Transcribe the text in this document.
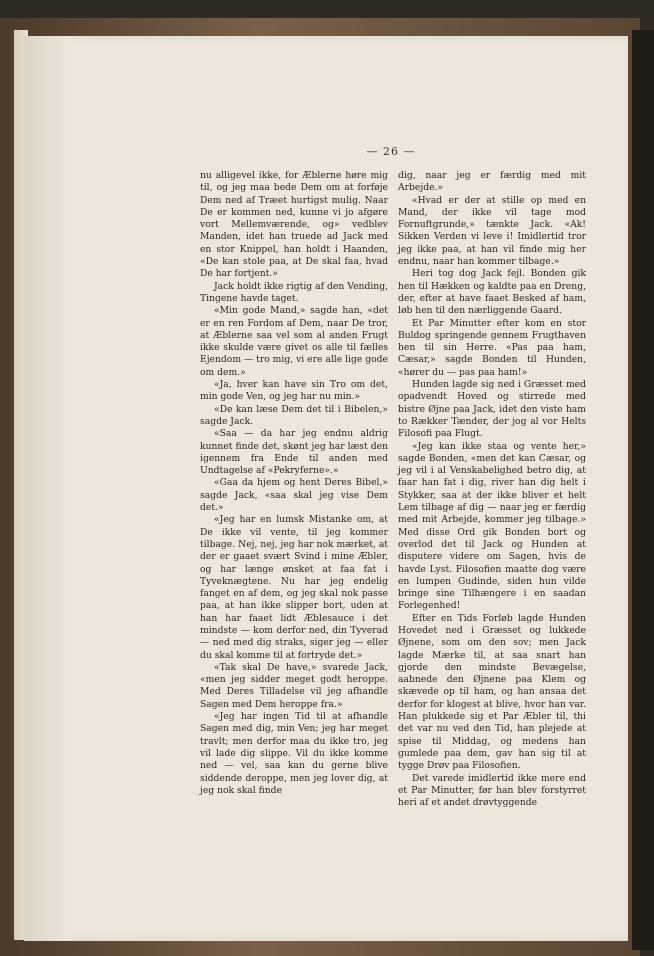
— 26 —

nu alligevel ikke, for Æblerne høre mig til, og jeg maa bede Dem om at forføje Dem ned af Træet hurtigst mulig. Naar De er kommen ned, kunne vi jo afgøre vort Mellemværende, og» vedblev Manden, idet han truede ad Jack med en stor Knippel, han holdt i Haanden, «De kan stole paa, at De skal faa, hvad De har fortjent.»

Jack holdt ikke rigtig af den Vending, Tingene havde taget.

«Min gode Mand,» sagde han, «det er en ren Fordom af Dem, naar De tror, at Æblerne saa vel som al anden Frugt ikke skulde være givet os alle til fælles Ejendom — tro mig, vi ere alle lige gode om dem.»

«Ja, hver kan have sin Tro om det, min gode Ven, og jeg har nu min.»

«De kan læse Dem det til i Bibelen,» sagde Jack.

«Saa — da har jeg endnu aldrig kunnet finde det, skønt jeg har læst den igennem fra Ende til anden med Undtagelse af «Pekryferne».»

«Gaa da hjem og hent Deres Bibel,» sagde Jack, «saa skal jeg vise Dem det.»

«Jeg har en lumsk Mistanke om, at De ikke vil vente, til jeg kommer tilbage. Nej, nej, jeg har nok mærket, at der er gaaet svært Svind i mine Æbler, og har længe ønsket at faa fat i Tyveknægtene. Nu har jeg endelig fanget en af dem, og jeg skal nok passe paa, at han ikke slipper bort, uden at han har faaet lidt Æblesauce i det mindste — kom derfor ned, din Tyverad — ned med dig straks, siger jeg — eller du skal komme til at fortryde det.»

«Tak skal De have,» svarede Jack, «men jeg sidder meget godt heroppe. Med Deres Tilladelse vil jeg afhandle Sagen med Dem heroppe fra.»

«Jeg har ingen Tid til at afhandle Sagen med dig, min Ven; jeg har meget travlt; men derfor maa du ikke tro, jeg vil lade dig slippe. Vil du ikke komme ned — vel, saa kan du gerne blive siddende deroppe, men jeg lover dig, at jeg nok skal finde

dig, naar jeg er færdig med mit Arbejde.»

«Hvad er der at stille op med en Mand, der ikke vil tage mod Fornuftgrunde,» tænkte Jack. «Ak! Sikken Verden vi leve i! Imidlertid tror jeg ikke paa, at han vil finde mig her endnu, naar han kommer tilbage.»

Heri tog dog Jack fejl. Bonden gik hen til Hækken og kaldte paa en Dreng, der, efter at have faaet Besked af ham, løb hen til den nærliggende Gaard.

Et Par Minutter efter kom en stor Buldog springende gennem Frugthaven hen til sin Herre. «Pas paa ham, Cæsar,» sagde Bonden til Hunden, «hører du — pas paa ham!»

Hunden lagde sig ned i Græsset med opadvendt Hoved og stirrede med bistre Øjne paa Jack, idet den viste ham to Rækker Tænder, der jog al vor Helts Filosofi paa Flugt.

«Jeg kan ikke staa og vente her,» sagde Bonden, «men det kan Cæsar, og jeg vil i al Venskabelighed betro dig, at faar han fat i dig, river han dig helt i Stykker, saa at der ikke bliver et helt Lem tilbage af dig — naar jeg er færdig med mit Arbejde, kommer jeg tilbage.» Med disse Ord gik Bonden bort og overlod det til Jack og Hunden at disputere videre om Sagen, hvis de havde Lyst. Filosofien maatte dog være en lumpen Gudinde, siden hun vilde bringe sine Tilhængere i en saadan Forlegenhed!

Efter en Tids Forløb lagde Hunden Hovedet ned i Græsset og lukkede Øjnene, som om den sov; men Jack lagde Mærke til, at saa snart han gjorde den mindste Bevægelse, aabnede den Øjnene paa Klem og skævede op til ham, og han ansaa det derfor for klogest at blive, hvor han var. Han plukkede sig et Par Æbler til, thi det var nu ved den Tid, han plejede at spise til Middag, og medens han gumlede paa dem, gav han sig til at tygge Drøv paa Filosofien.

Det varede imidlertid ikke mere end et Par Minutter, før han blev forstyrret heri af et andet drøvtyggende
